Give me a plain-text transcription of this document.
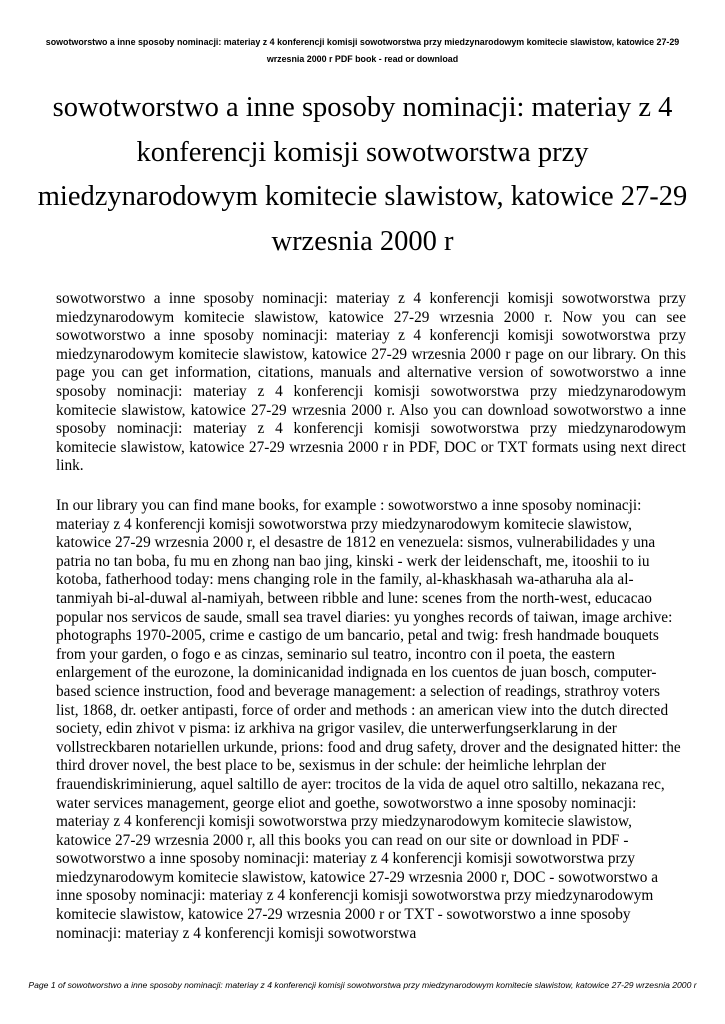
sowotworstwo a inne sposoby nominacji: materiay z 4 konferencji komisji sowotworstwa przy miedzynarodowym komitecie slawistow, katowice 27-29 wrzesnia 2000 r PDF book - read or download
sowotworstwo a inne sposoby nominacji: materiay z 4 konferencji komisji sowotworstwa przy miedzynarodowym komitecie slawistow, katowice 27-29 wrzesnia 2000 r

sowotworstwo a inne sposoby nominacji: materiay z 4 konferencji komisji sowotworstwa przy miedzynarodowym komitecie slawistow, katowice 27-29 wrzesnia 2000 r. Now you can see sowotworstwo a inne sposoby nominacji: materiay z 4 konferencji komisji sowotworstwa przy miedzynarodowym komitecie slawistow, katowice 27-29 wrzesnia 2000 r page on our library. On this page you can get information, citations, manuals and alternative version of sowotworstwo a inne sposoby nominacji: materiay z 4 konferencji komisji sowotworstwa przy miedzynarodowym komitecie slawistow, katowice 27-29 wrzesnia 2000 r. Also you can download sowotworstwo a inne sposoby nominacji: materiay z 4 konferencji komisji sowotworstwa przy miedzynarodowym komitecie slawistow, katowice 27-29 wrzesnia 2000 r in PDF, DOC or TXT formats using next direct link.

In our library you can find mane books, for example : sowotworstwo a inne sposoby nominacji: materiay z 4 konferencji komisji sowotworstwa przy miedzynarodowym komitecie slawistow, katowice 27-29 wrzesnia 2000 r, el desastre de 1812 en venezuela: sismos, vulnerabilidades y una patria no tan boba, fu mu en zhong nan bao jing, kinski - werk der leidenschaft, me, itooshii to iu kotoba, fatherhood today: mens changing role in the family, al-khaskhasah wa-atharuha ala al-tanmiyah bi-al-duwal al-namiyah, between ribble and lune: scenes from the north-west, educacao popular nos servicos de saude, small sea travel diaries: yu yonghes records of taiwan, image archive: photographs 1970-2005, crime e castigo de um bancario, petal and twig: fresh handmade bouquets from your garden, o fogo e as cinzas, seminario sul teatro, incontro con il poeta, the eastern enlargement of the eurozone, la dominicanidad indignada en los cuentos de juan bosch, computer-based science instruction, food and beverage management: a selection of readings, strathroy voters list, 1868, dr. oetker antipasti, force of order and methods : an american view into the dutch directed society, edin zhivot v pisma: iz arkhiva na grigor vasilev, die unterwerfungserklarung in der vollstreckbaren notariellen urkunde, prions: food and drug safety, drover and the designated hitter: the third drover novel, the best place to be, sexismus in der schule: der heimliche lehrplan der frauendiskriminierung, aquel saltillo de ayer: trocitos de la vida de aquel otro saltillo, nekazana rec, water services management, george eliot and goethe, sowotworstwo a inne sposoby nominacji: materiay z 4 konferencji komisji sowotworstwa przy miedzynarodowym komitecie slawistow, katowice 27-29 wrzesnia 2000 r, all this books you can read on our site or download in PDF - sowotworstwo a inne sposoby nominacji: materiay z 4 konferencji komisji sowotworstwa przy miedzynarodowym komitecie slawistow, katowice 27-29 wrzesnia 2000 r, DOC - sowotworstwo a inne sposoby nominacji: materiay z 4 konferencji komisji sowotworstwa przy miedzynarodowym komitecie slawistow, katowice 27-29 wrzesnia 2000 r or TXT - sowotworstwo a inne sposoby nominacji: materiay z 4 konferencji komisji sowotworstwa

Page 1 of sowotworstwo a inne sposoby nominacji: materiay z 4 konferencji komisji sowotworstwa przy miedzynarodowym komitecie slawistow, katowice 27-29 wrzesnia 2000 r
